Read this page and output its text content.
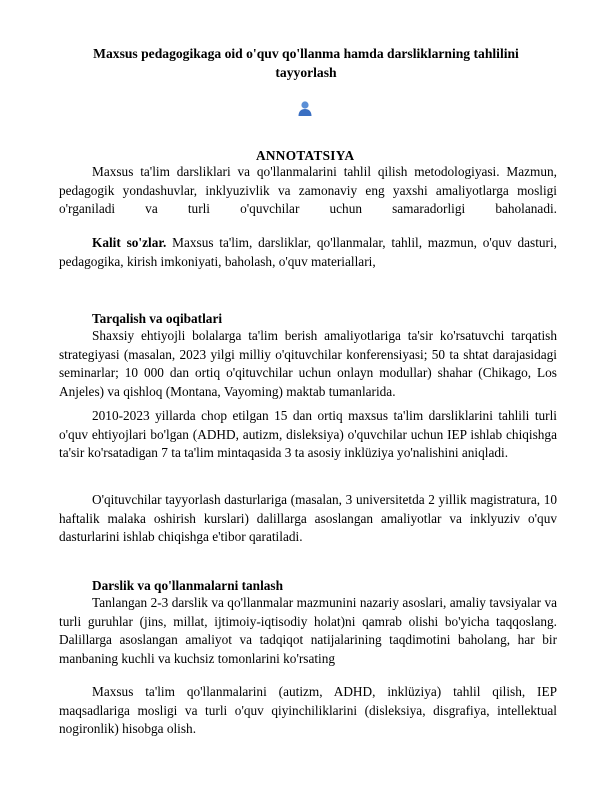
Maxsus pedagogikaga oid o'quv qo'llanma hamda darsliklarning tahlilini
tayyorlash
ANNOTATSIYA
Maxsus ta'lim darsliklari va qo'llanmalarini tahlil qilish metodologiyasi. Mazmun, pedagogik yondashuvlar, inklyuzivlik va zamonaviy eng yaxshi amaliyotlarga mosligi o'rganiladi va turli o'quvchilar uchun samaradorligi baholanadi.
Kalit so'zlar. Maxsus ta'lim, darsliklar, qo'llanmalar, tahlil, mazmun, o'quv dasturi, pedagogika, kirish imkoniyati, baholash, o'quv materiallari,
Tarqalish va oqibatlari
Shaxsiy ehtiyojli bolalarga ta'lim berish amaliyotlariga ta'sir ko'rsatuvchi tarqatish strategiyasi (masalan, 2023 yilgi milliy o'qituvchilar konferensiyasi; 50 ta shtat darajasidagi seminarlar; 10 000 dan ortiq o'qituvchilar uchun onlayn modullar) shahar (Chikago, Los Anjeles) va qishloq (Montana, Vayoming) maktab tumanlarida.
2010-2023 yillarda chop etilgan 15 dan ortiq maxsus ta'lim darsliklarini tahlili turli o'quv ehtiyojlari bo'lgan (ADHD, autizm, disleksiya) o'quvchilar uchun IEP ishlab chiqishga ta'sir ko'rsatadigan 7 ta ta'lim mintaqasida 3 ta asosiy inklüziya yo'nalishini aniqladi.
O'qituvchilar tayyorlash dasturlariga (masalan, 3 universitetda 2 yillik magistratura, 10 haftalik malaka oshirish kurslari) dalillarga asoslangan amaliyotlar va inklyuziv o'quv dasturlarini ishlab chiqishga e'tibor qaratiladi.
Darslik va qo'llanmalarni tanlash
Tanlangan 2-3 darslik va qo'llanmalar mazmunini nazariy asoslari, amaliy tavsiyalar va turli guruhlar (jins, millat, ijtimoiy-iqtisodiy holat)ni qamrab olishi bo'yicha taqqoslang. Dalillarga asoslangan amaliyot va tadqiqot natijalarining taqdimotini baholang, har bir manbaning kuchli va kuchsiz tomonlarini ko'rsating
Maxsus ta'lim qo'llanmalarini (autizm, ADHD, inklüziya) tahlil qilish, IEP maqsadlariga mosligi va turli o'quv qiyinchiliklarini (disleksiya, disgrafiya, intellektual nogironlik) hisobga olish.
